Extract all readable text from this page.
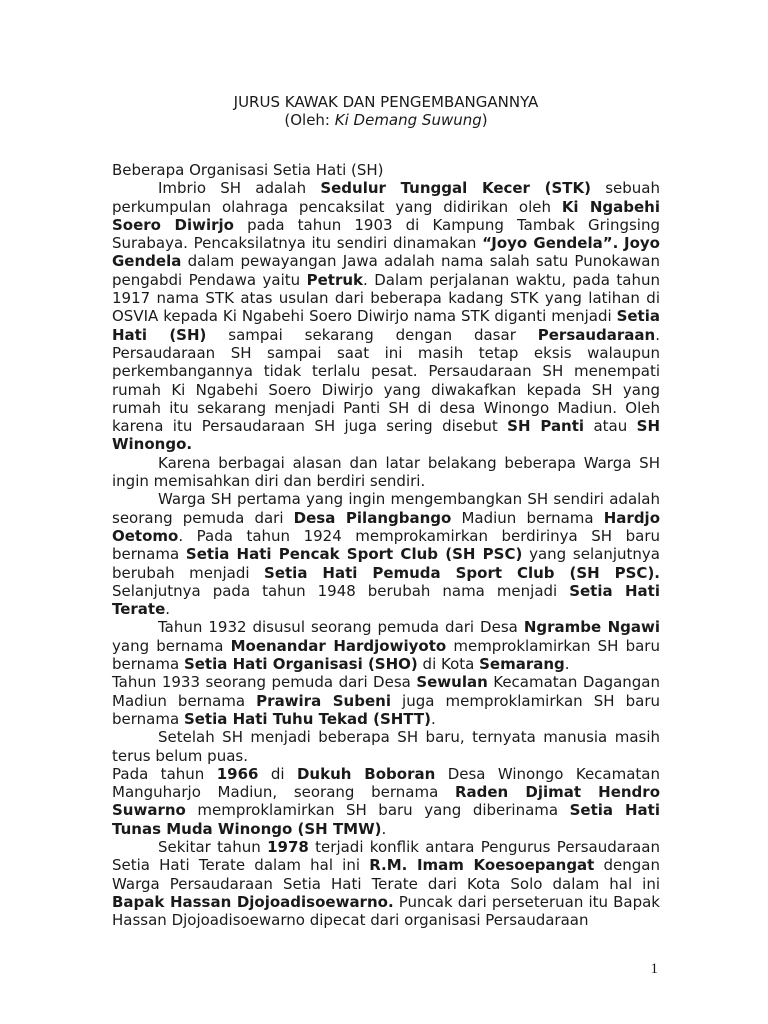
JURUS KAWAK DAN PENGEMBANGANNYA
(Oleh: Ki Demang Suwung)
Beberapa Organisasi Setia Hati (SH)
Imbrio SH adalah Sedulur Tunggal Kecer (STK) sebuah perkumpulan olahraga pencaksilat yang didirikan oleh Ki Ngabehi Soero Diwirjo pada tahun 1903 di Kampung Tambak Gringsing Surabaya. Pencaksilatnya itu sendiri dinamakan “Joyo Gendela”. Joyo Gendela dalam pewayangan Jawa adalah nama salah satu Punokawan pengabdi Pendawa yaitu Petruk. Dalam perjalanan waktu, pada tahun 1917 nama STK atas usulan dari beberapa kadang STK yang latihan di OSVIA kepada Ki Ngabehi Soero Diwirjo nama STK diganti menjadi Setia Hati (SH) sampai sekarang dengan dasar Persaudaraan. Persaudaraan SH sampai saat ini masih tetap eksis walaupun perkembangannya tidak terlalu pesat. Persaudaraan SH menempati rumah Ki Ngabehi Soero Diwirjo yang diwakafkan kepada SH yang rumah itu sekarang menjadi Panti SH di desa Winongo Madiun. Oleh karena itu Persaudaraan SH juga sering disebut SH Panti atau SH Winongo.
Karena berbagai alasan dan latar belakang beberapa Warga SH ingin memisahkan diri dan berdiri sendiri.
Warga SH pertama yang ingin mengembangkan SH sendiri adalah seorang pemuda dari Desa Pilangbango Madiun bernama Hardjo Oetomo. Pada tahun 1924 memprokamirkan berdirinya SH baru bernama Setia Hati Pencak Sport Club (SH PSC) yang selanjutnya berubah menjadi Setia Hati Pemuda Sport Club (SH PSC). Selanjutnya pada tahun 1948 berubah nama menjadi Setia Hati Terate.
Tahun 1932 disusul seorang pemuda dari Desa Ngrambe Ngawi yang bernama Moenandar Hardjowiyoto memproklamirkan SH baru bernama Setia Hati Organisasi (SHO) di Kota Semarang.
Tahun 1933 seorang pemuda dari Desa Sewulan Kecamatan Dagangan Madiun bernama Prawira Subeni juga memproklamirkan SH baru bernama Setia Hati Tuhu Tekad (SHTT).
Setelah SH menjadi beberapa SH baru, ternyata manusia masih terus belum puas.
Pada tahun 1966 di Dukuh Boboran Desa Winongo Kecamatan Manguharjo Madiun, seorang bernama Raden Djimat Hendro Suwarno memproklamirkan SH baru yang diberinama Setia Hati Tunas Muda Winongo (SH TMW).
Sekitar tahun 1978 terjadi konflik antara Pengurus Persaudaraan Setia Hati Terate dalam hal ini R.M. Imam Koesoepangat dengan Warga Persaudaraan Setia Hati Terate dari Kota Solo dalam hal ini Bapak Hassan Djojoadisoewarno. Puncak dari perseteruan itu Bapak Hassan Djojoadisoewarno dipecat dari organisasi Persaudaraan
1
